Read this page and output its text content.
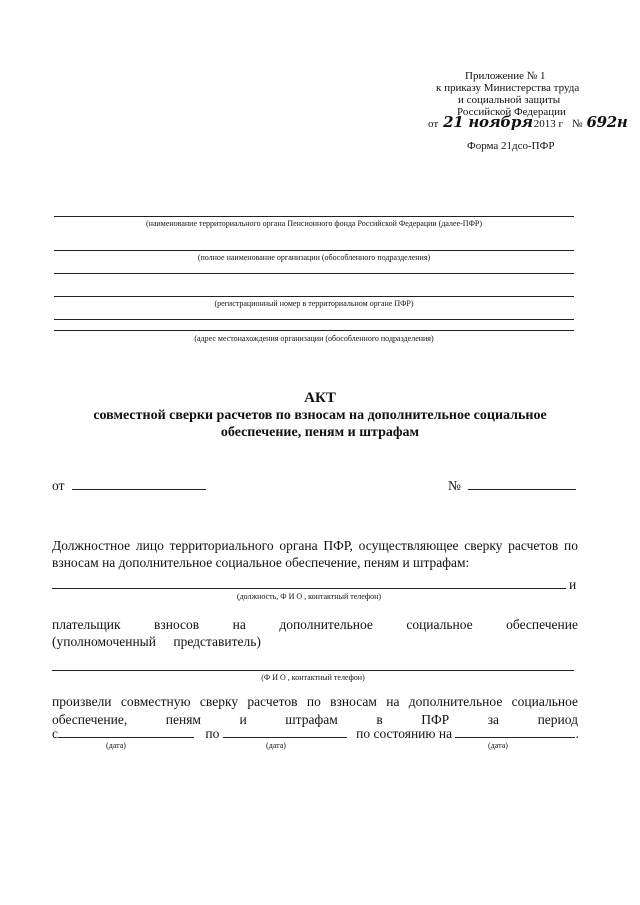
Приложение № 1
к приказу Министерства труда
и социальной защиты
Российской Федерации
от 21 ноября 2013 г № 692н
Форма 21дсо-ПФР
(наименование территориального органа Пенсионного фонда Российской Федерации (далее-ПФР)
(полное наименование организации (обособленного подразделения)
(регистрационный номер в территориальном органе ПФР)
(адрес местонахождения организации (обособленного подразделения)
АКТ
совместной сверки расчетов по взносам на дополнительное социальное
обеспечение, пеням и штрафам
от	№
Должностное лицо территориального органа ПФР, осуществляющее сверку расчетов по взносам на дополнительное социальное обеспечение, пеням и штрафам:
и
(должность, Ф И О , контактный телефон)
плательщик взносов на дополнительное социальное обеспечение (уполномоченный представитель)
(Ф И О , контактный телефон)
произвели совместную сверку расчетов по взносам на дополнительное социальное
обеспечение, пеням и штрафам в ПФР за период
с	по	по состоянию на	.
(дата)	(дата)	(дата)
